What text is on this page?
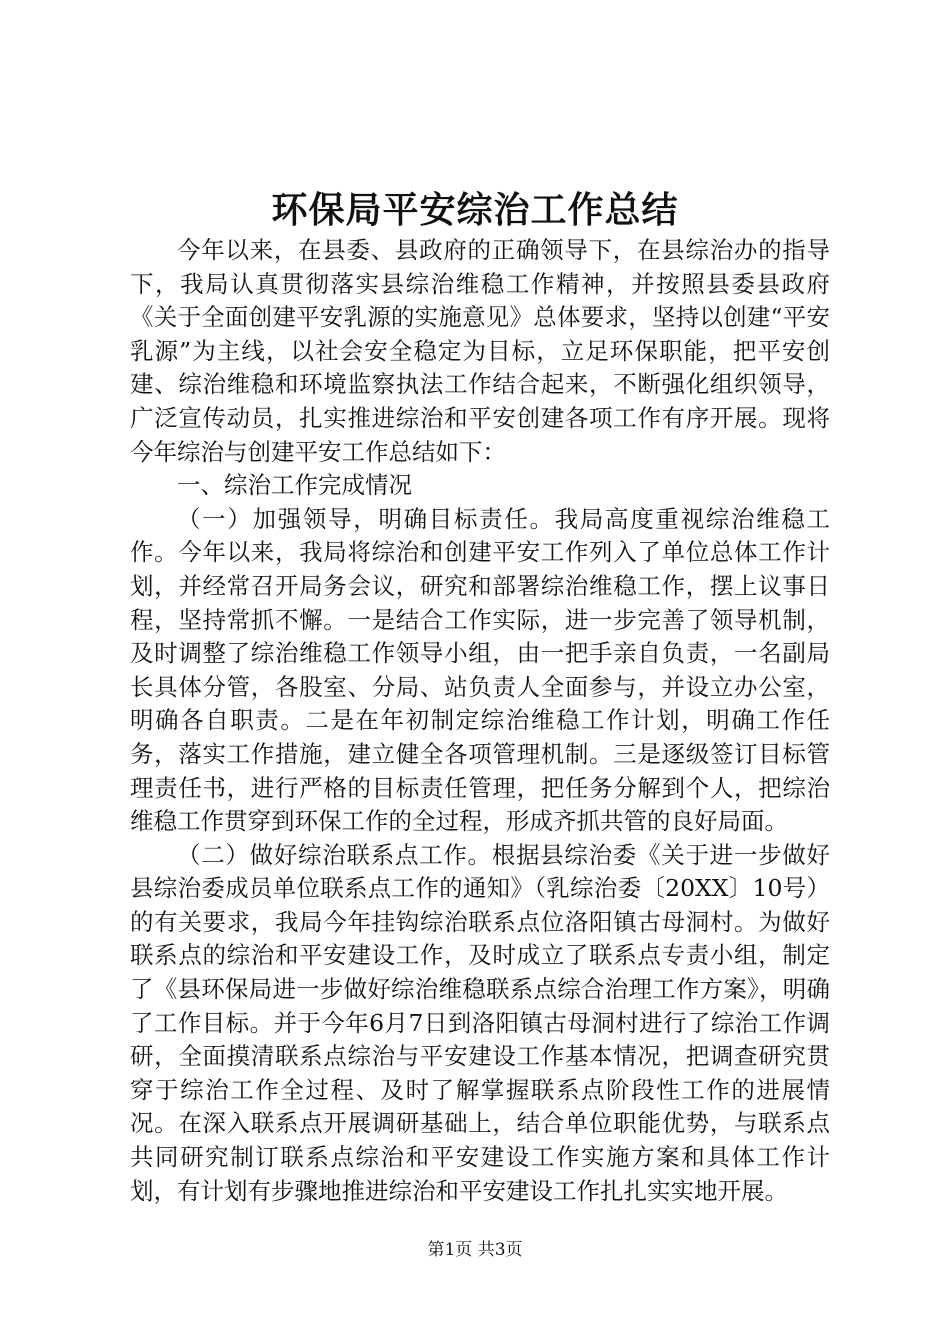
环保局平安综治工作总结

今年以来，在县委、县政府的正确领导下，在县综治办的指导下，我局认真贯彻落实县综治维稳工作精神，并按照县委县政府《关于全面创建平安乳源的实施意见》总体要求，坚持以创建“平安乳源”为主线，以社会安全稳定为目标，立足环保职能，把平安创建、综治维稳和环境监察执法工作结合起来，不断强化组织领导，广泛宣传动员，扎实推进综治和平安创建各项工作有序开展。现将今年综治与创建平安工作总结如下：

一、综治工作完成情况

（一）加强领导，明确目标责任。我局高度重视综治维稳工作。今年以来，我局将综治和创建平安工作列入了单位总体工作计划，并经常召开局务会议，研究和部署综治维稳工作，摆上议事日程，坚持常抓不懈。一是结合工作实际，进一步完善了领导机制，及时调整了综治维稳工作领导小组，由一把手亲自负责，一名副局长具体分管，各股室、分局、站负责人全面参与，并设立办公室，明确各自职责。二是在年初制定综治维稳工作计划，明确工作任务，落实工作措施，建立健全各项管理机制。三是逐级签订目标管理责任书，进行严格的目标责任管理，把任务分解到个人，把综治维稳工作贯穿到环保工作的全过程，形成齐抓共管的良好局面。

（二）做好综治联系点工作。根据县综治委《关于进一步做好县综治委成员单位联系点工作的通知》（乳综治委〔20XX〕10号）的有关要求，我局今年挂钩综治联系点位洛阳镇古母洞村。为做好联系点的综治和平安建设工作，及时成立了联系点专责小组，制定了《县环保局进一步做好综治维稳联系点综合治理工作方案》，明确了工作目标。并于今年6月7日到洛阳镇古母洞村进行了综治工作调研，全面摸清联系点综治与平安建设工作基本情况，把调查研究贯穿于综治工作全过程、及时了解掌握联系点阶段性工作的进展情况。在深入联系点开展调研基础上，结合单位职能优势，与联系点共同研究制订联系点综治和平安建设工作实施方案和具体工作计划，有计划有步骤地推进综治和平安建设工作扎扎实实地开展。

第1页 共3页
